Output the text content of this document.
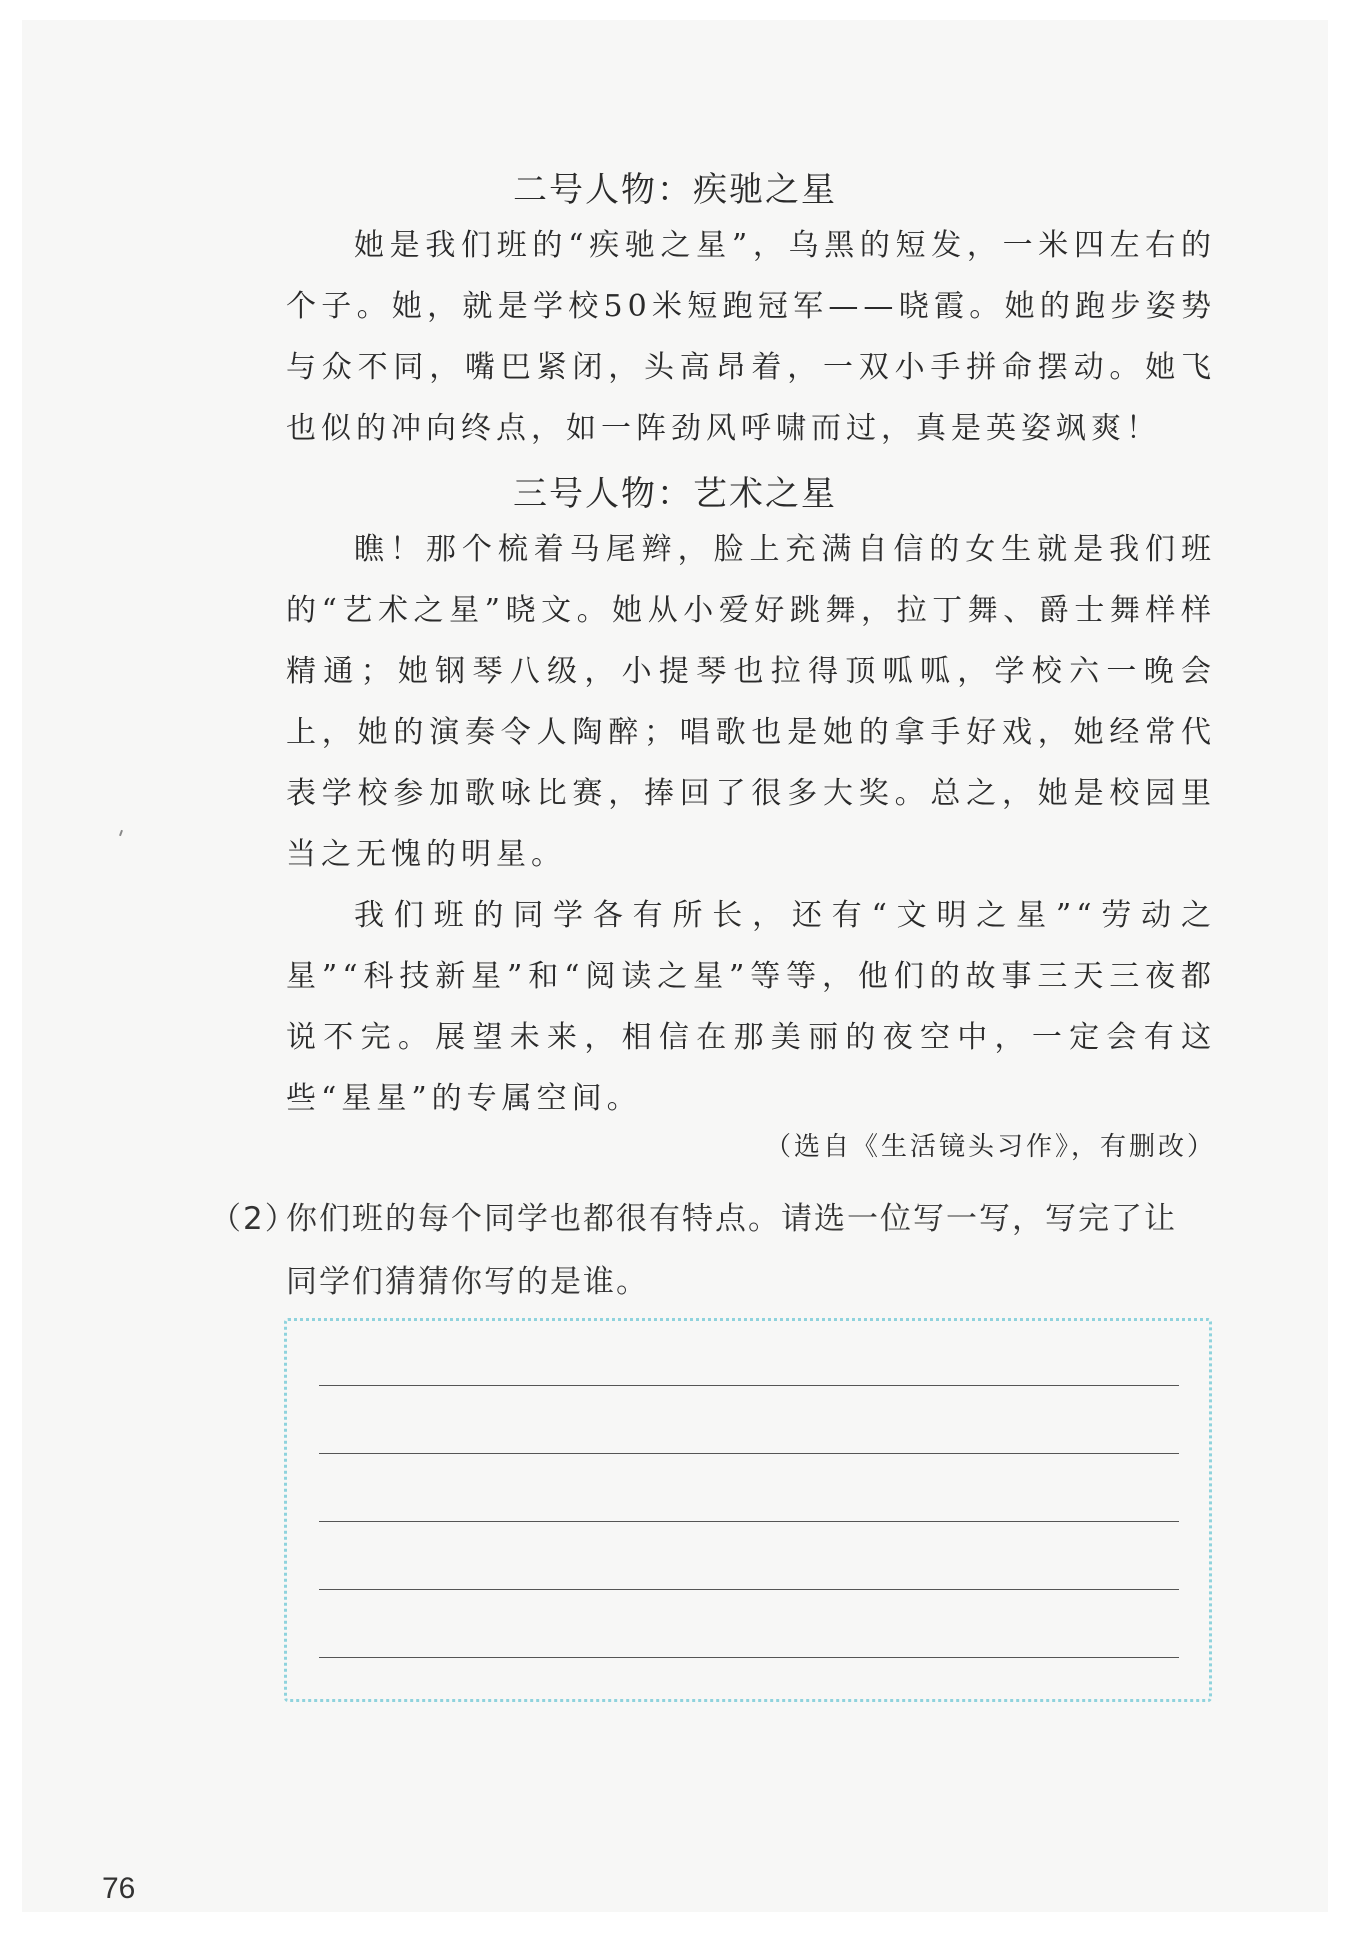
二号人物：疾驰之星

她是我们班的“疾驰之星”，乌黑的短发，一米四左右的个子。她，就是学校50米短跑冠军——晓霞。她的跑步姿势与众不同，嘴巴紧闭，头高昂着，一双小手拼命摆动。她飞也似的冲向终点，如一阵劲风呼啸而过，真是英姿飒爽！

三号人物：艺术之星

瞧！那个梳着马尾辫，脸上充满自信的女生就是我们班的“艺术之星”晓文。她从小爱好跳舞，拉丁舞、爵士舞样样精通；她钢琴八级，小提琴也拉得顶呱呱，学校六一晚会上，她的演奏令人陶醉；唱歌也是她的拿手好戏，她经常代表学校参加歌咏比赛，捧回了很多大奖。总之，她是校园里当之无愧的明星。

我们班的同学各有所长，还有“文明之星”“劳动之星”“科技新星”和“阅读之星”等等，他们的故事三天三夜都说不完。展望未来，相信在那美丽的夜空中，一定会有这些“星星”的专属空间。

（选自《生活镜头习作》，有删改）

（2）你们班的每个同学也都很有特点。请选一位写一写，写完了让
同学们猜猜你写的是谁。

76
